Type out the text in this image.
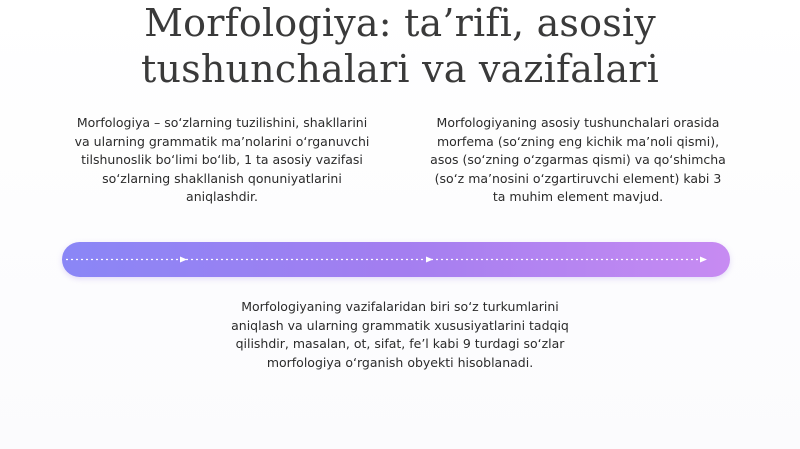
Morfologiya: ta’rifi, asosiy tushunchalari va vazifalari

Morfologiya – so‘zlarning tuzilishini, shakllarini va ularning grammatik ma’nolarini o‘rganuvchi tilshunoslik bo‘limi bo‘lib, 1 ta asosiy vazifasi so‘zlarning shakllanish qonuniyatlarini aniqlashdir.

Morfologiyaning asosiy tushunchalari orasida morfema (so‘zning eng kichik ma’noli qismi), asos (so‘zning o‘zgarmas qismi) va qo‘shimcha (so‘z ma’nosini o‘zgartiruvchi element) kabi 3 ta muhim element mavjud.

Morfologiyaning vazifalaridan biri so‘z turkumlarini aniqlash va ularning grammatik xususiyatlarini tadqiq qilishdir, masalan, ot, sifat, fe’l kabi 9 turdagi so‘zlar morfologiya o‘rganish obyekti hisoblanadi.
